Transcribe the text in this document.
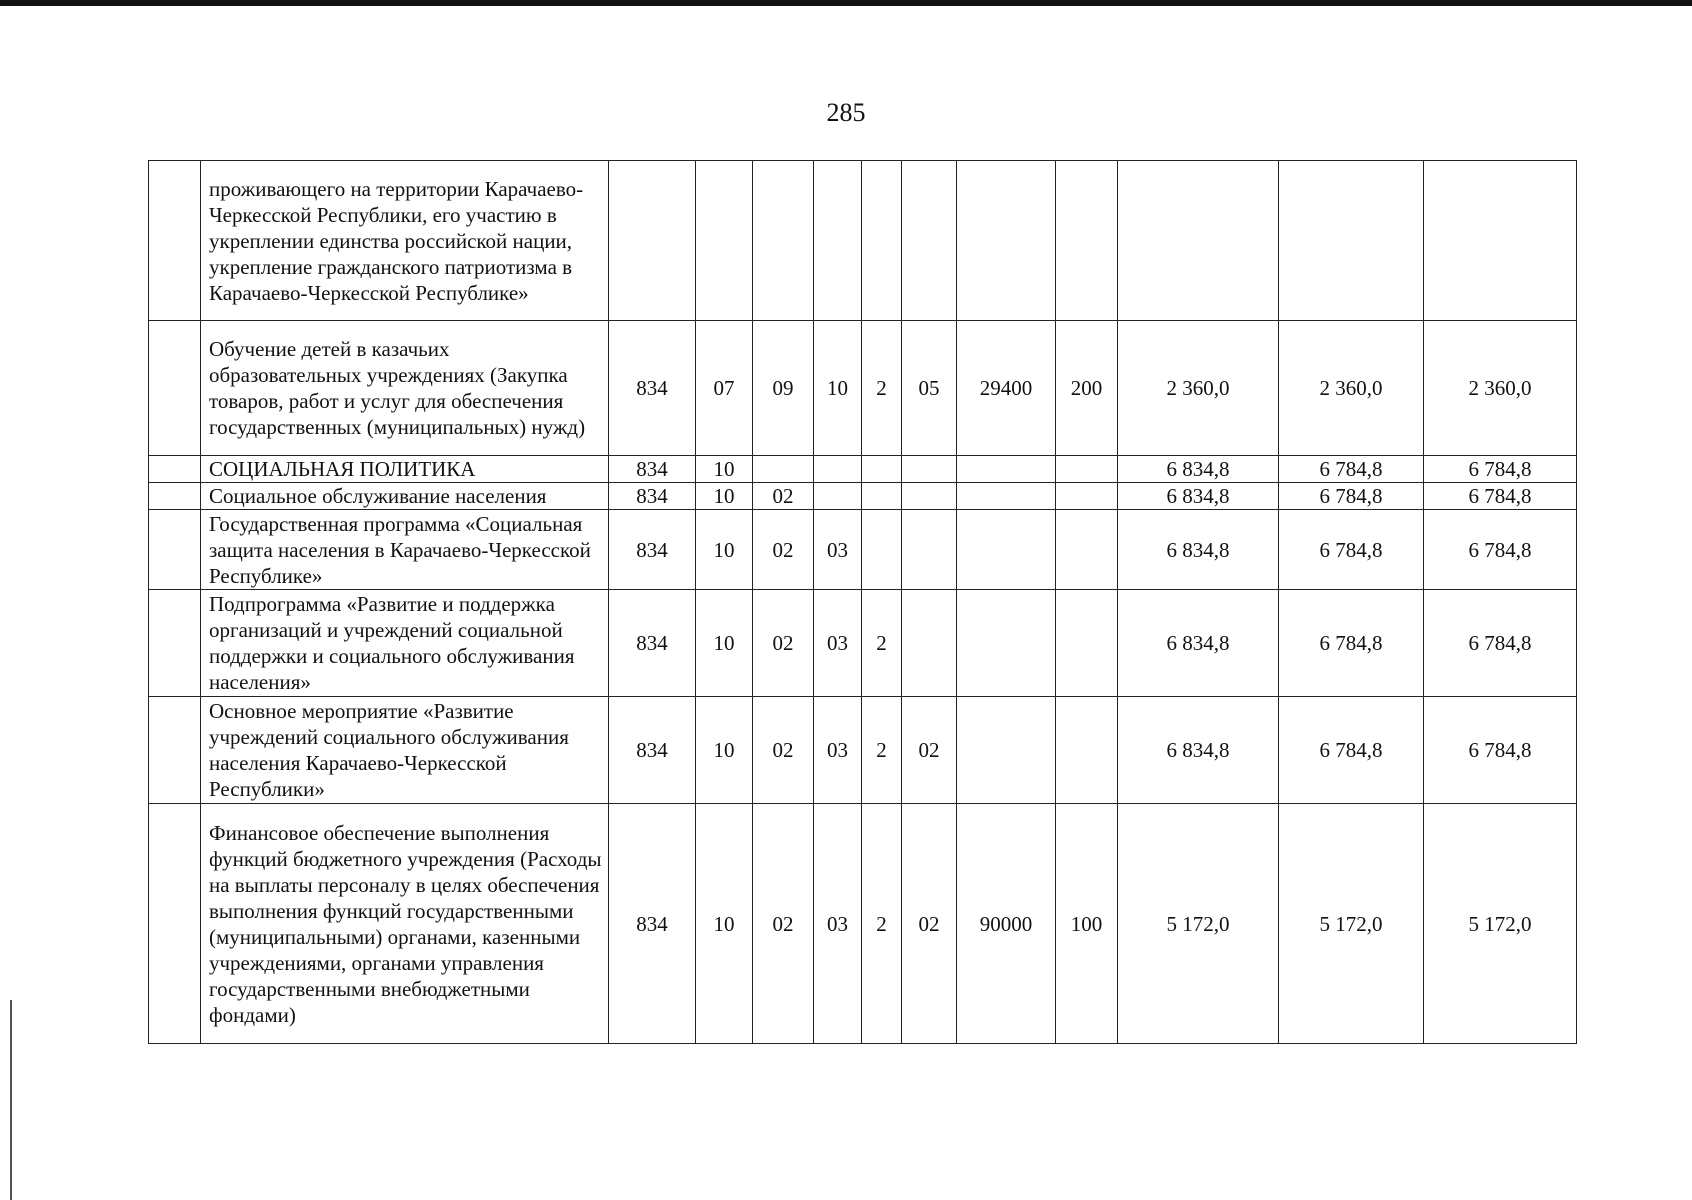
285
	проживающего на территории Карачаево-Черкесской Республики, его участию в укреплении единства российской нации, укрепление гражданского патриотизма в Карачаево-Черкесской Республике»											
	Обучение детей в казачьих образовательных учреждениях (Закупка товаров, работ и услуг для обеспечения государственных (муниципальных) нужд)	834	07	09	10	2	05	29400	200	2 360,0	2 360,0	2 360,0
	СОЦИАЛЬНАЯ ПОЛИТИКА	834	10							6 834,8	6 784,8	6 784,8
	Социальное обслуживание населения	834	10	02						6 834,8	6 784,8	6 784,8
	Государственная программа «Социальная защита населения в Карачаево-Черкесской Республике»	834	10	02	03					6 834,8	6 784,8	6 784,8
	Подпрограмма «Развитие и поддержка организаций и учреждений социальной поддержки и социального обслуживания населения»	834	10	02	03	2				6 834,8	6 784,8	6 784,8
	Основное мероприятие «Развитие учреждений социального обслуживания населения Карачаево-Черкесской Республики»	834	10	02	03	2	02			6 834,8	6 784,8	6 784,8
	Финансовое обеспечение выполнения функций бюджетного учреждения (Расходы на выплаты персоналу в целях обеспечения выполнения функций государственными (муниципальными) органами, казенными учреждениями, органами управления государственными внебюджетными фондами)	834	10	02	03	2	02	90000	100	5 172,0	5 172,0	5 172,0
